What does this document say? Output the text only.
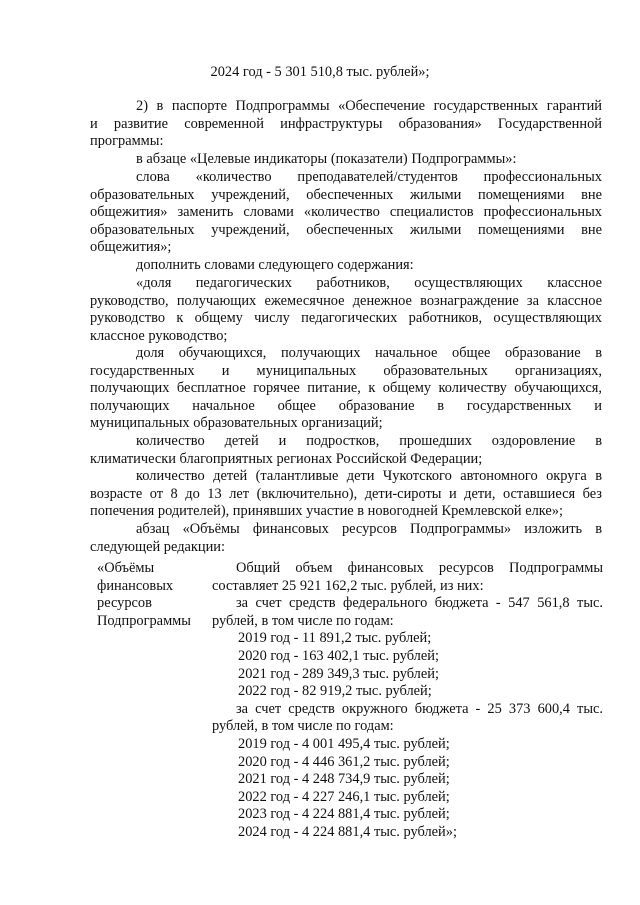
2024 год - 5 301 510,8 тыс. рублей»;
2) в паспорте Подпрограммы «Обеспечение государственных гарантий
и развитие современной инфраструктуры образования» Государственной
программы:
в абзаце «Целевые индикаторы (показатели) Подпрограммы»:
слова «количество преподавателей/студентов профессиональных
образовательных учреждений, обеспеченных жилыми помещениями вне
общежития» заменить словами «количество специалистов профессиональных
образовательных учреждений, обеспеченных жилыми помещениями вне
общежития»;
дополнить словами следующего содержания:
«доля педагогических работников, осуществляющих классное
руководство, получающих ежемесячное денежное вознаграждение за классное
руководство к общему числу педагогических работников, осуществляющих
классное руководство;
доля обучающихся, получающих начальное общее образование в
государственных и муниципальных образовательных организациях,
получающих бесплатное горячее питание, к общему количеству обучающихся,
получающих начальное общее образование в государственных и
муниципальных образовательных организаций;
количество детей и подростков, прошедших оздоровление в
климатически благоприятных регионах Российской Федерации;
количество детей (талантливые дети Чукотского автономного округа в
возрасте от 8 до 13 лет (включительно), дети-сироты и дети, оставшиеся без
попечения родителей), принявших участие в новогодней Кремлевской елке»;
абзац «Объёмы финансовых ресурсов Подпрограммы» изложить в
следующей редакции:
«Объёмы
финансовых
ресурсов
Подпрограммы
Общий объем финансовых ресурсов Подпрограммы
составляет 25 921 162,2 тыс. рублей, из них:
за счет средств федерального бюджета - 547 561,8 тыс.
рублей, в том числе по годам:
2019 год - 11 891,2 тыс. рублей;
2020 год - 163 402,1 тыс. рублей;
2021 год - 289 349,3 тыс. рублей;
2022 год - 82 919,2 тыс. рублей;
за счет средств окружного бюджета - 25 373 600,4 тыс.
рублей, в том числе по годам:
2019 год - 4 001 495,4 тыс. рублей;
2020 год - 4 446 361,2 тыс. рублей;
2021 год - 4 248 734,9 тыс. рублей;
2022 год - 4 227 246,1 тыс. рублей;
2023 год - 4 224 881,4 тыс. рублей;
2024 год - 4 224 881,4 тыс. рублей»;
